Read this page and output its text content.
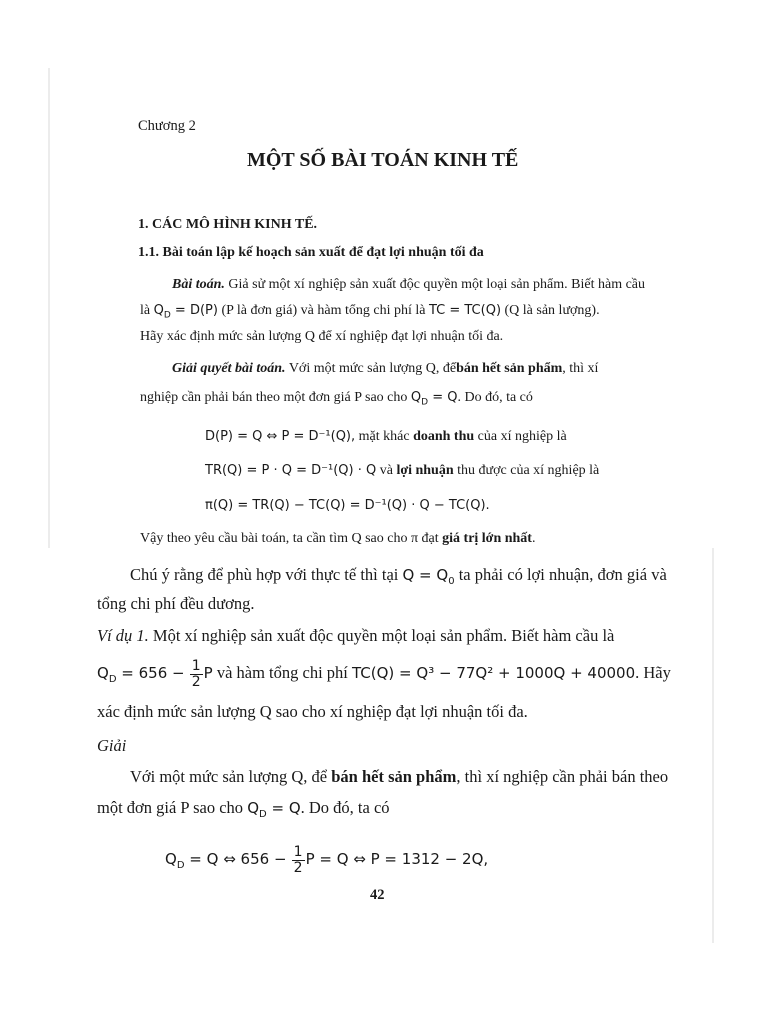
Chương 2
MỘT SỐ BÀI TOÁN KINH TẾ
1. CÁC MÔ HÌNH KINH TẾ.
1.1. Bài toán lập kế hoạch sản xuất để đạt lợi nhuận tối đa
Bài toán. Giả sử một xí nghiệp sản xuất độc quyền một loại sản phẩm. Biết hàm cầu
là $Q_D = D(P)$ (P là đơn giá) và hàm tổng chi phí là TC = TC(Q) (Q là sản lượng).
Hãy xác định mức sản lượng Q để xí nghiệp đạt lợi nhuận tối đa.
Giải quyết bài toán. Với một mức sản lượng Q, đểbán hết sản phẩm, thì xí
nghiệp cần phải bán theo một đơn giá P sao cho $Q_D = Q$. Do đó, ta có
D(P) = Q ⇔ P = D⁻¹(Q), mặt khác doanh thu của xí nghiệp là
TR(Q) = P · Q = D⁻¹(Q) · Q và lợi nhuận thu được của xí nghiệp là
π(Q) = TR(Q) − TC(Q) = D⁻¹(Q) · Q − TC(Q).
Vậy theo yêu cầu bài toán, ta cần tìm Q sao cho π đạt giá trị lớn nhất.
Chú ý rằng để phù hợp với thực tế thì tại $Q = Q_0$ ta phải có lợi nhuận, đơn giá và
tổng chi phí đều dương.
Ví dụ 1. Một xí nghiệp sản xuất độc quyền một loại sản phẩm. Biết hàm cầu là
$Q_D = 656 - \frac{1}{2}$ P và hàm tổng chi phí TC(Q) = Q³ − 77Q² + 1000Q + 40000. Hãy
xác định mức sản lượng Q sao cho xí nghiệp đạt lợi nhuận tối đa.
Giải
Với một mức sản lượng Q, để bán hết sản phẩm, thì xí nghiệp cần phải bán theo
một đơn giá P sao cho $Q_D = Q$. Do đó, ta có
$Q_D = Q$ ⇔ $656 - \frac{1}{2}$ P = Q ⇔ P = 1312 − 2Q,
42
